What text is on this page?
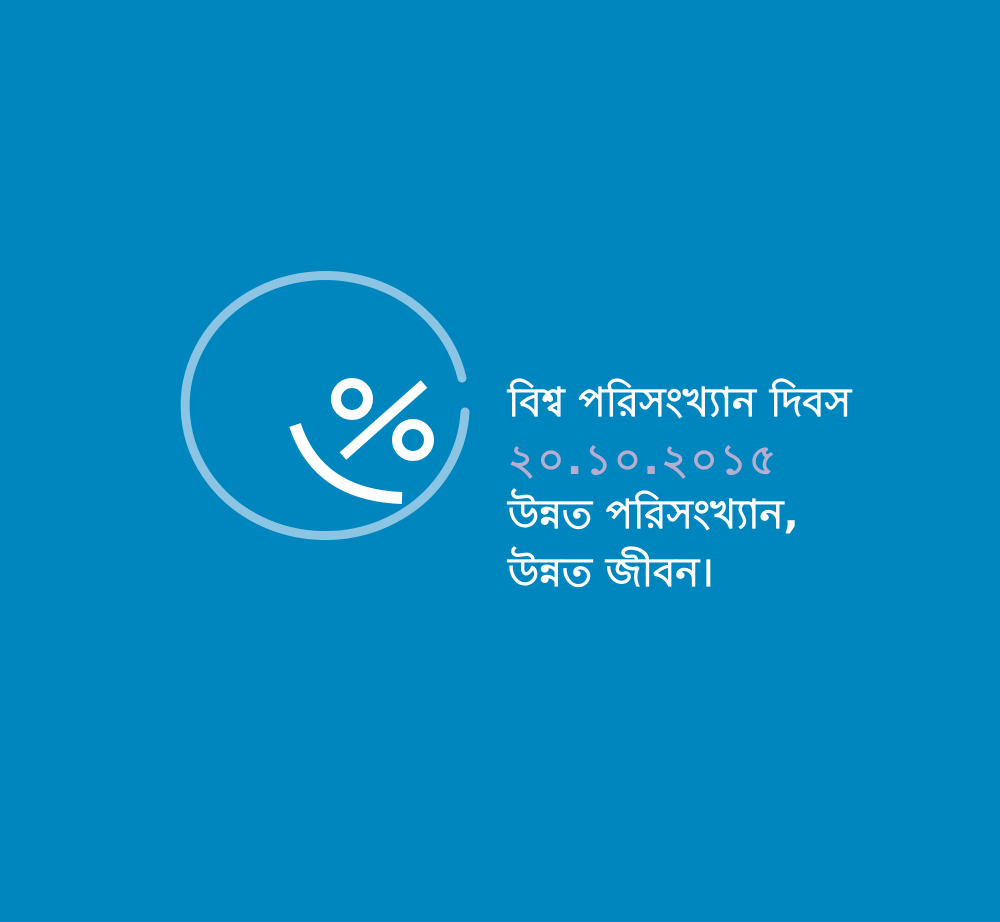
বিশ্ব পরিসংখ্যান দিবস
২০.১০.২০১৫
উন্নত পরিসংখ্যান,
উন্নত জীবন।
